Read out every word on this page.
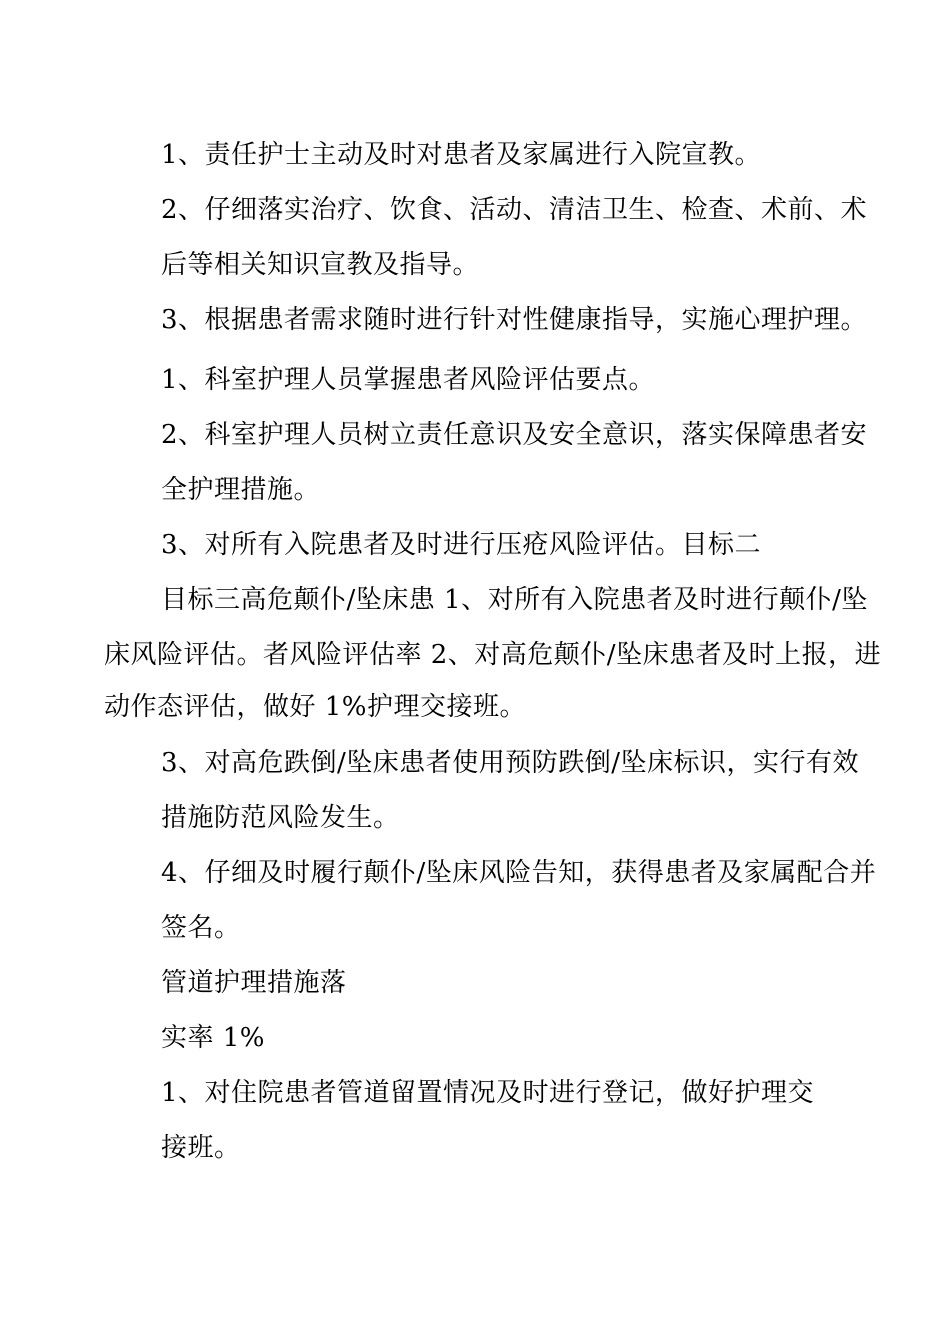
1、责任护士主动及时对患者及家属进行入院宣教。
2、仔细落实治疗、饮食、活动、清洁卫生、检查、术前、术
后等相关知识宣教及指导。
3、根据患者需求随时进行针对性健康指导，实施心理护理。
1、科室护理人员掌握患者风险评估要点。
2、科室护理人员树立责任意识及安全意识，落实保障患者安
全护理措施。
3、对所有入院患者及时进行压疮风险评估。目标二
目标三高危颠仆/坠床患 1、对所有入院患者及时进行颠仆/坠
床风险评估。者风险评估率 2、对高危颠仆/坠床患者及时上报，进
动作态评估，做好 1%护理交接班。
3、对高危跌倒/坠床患者使用预防跌倒/坠床标识，实行有效
措施防范风险发生。
4、仔细及时履行颠仆/坠床风险告知，获得患者及家属配合并
签名。
管道护理措施落
实率 1%
1、对住院患者管道留置情况及时进行登记，做好护理交
接班。
